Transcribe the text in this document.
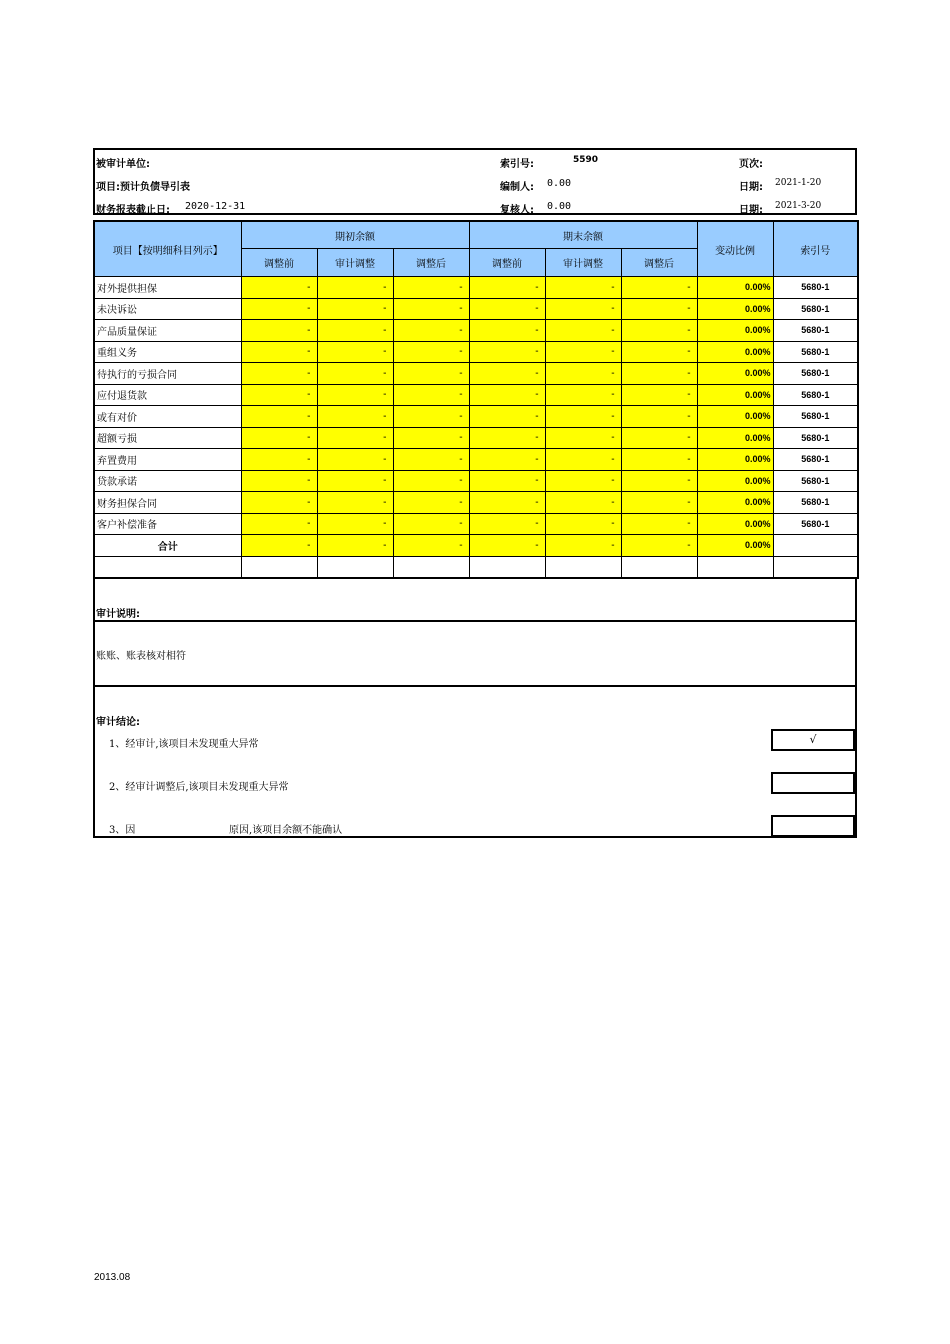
被审计单位:	索引号:	5590	页次:
项目:预计负债导引表	编制人: 0.00	日期: 2021-1-20
财务报表截止日: 2020-12-31	复核人: 0.00	日期: 2021-3-20
项目【按明细科目列示】	期初余额			期末余额			变动比例	索引号
	调整前	审计调整	调整后	调整前	审计调整	调整后		
对外提供担保	-	-	-	-	-	-	0.00%	5680-1
未决诉讼	-	-	-	-	-	-	0.00%	5680-1
产品质量保证	-	-	-	-	-	-	0.00%	5680-1
重组义务	-	-	-	-	-	-	0.00%	5680-1
待执行的亏损合同	-	-	-	-	-	-	0.00%	5680-1
应付退货款	-	-	-	-	-	-	0.00%	5680-1
或有对价	-	-	-	-	-	-	0.00%	5680-1
超额亏损	-	-	-	-	-	-	0.00%	5680-1
弃置费用	-	-	-	-	-	-	0.00%	5680-1
贷款承诺	-	-	-	-	-	-	0.00%	5680-1
财务担保合同	-	-	-	-	-	-	0.00%	5680-1
客户补偿准备	-	-	-	-	-	-	0.00%	5680-1
合计	-	-	-	-	-	-	0.00%	

审计说明:
账账、账表核对相符
审计结论:
1、经审计,该项目未发现重大异常	√
2、经审计调整后,该项目未发现重大异常
3、因	原因,该项目余额不能确认
2013.08
